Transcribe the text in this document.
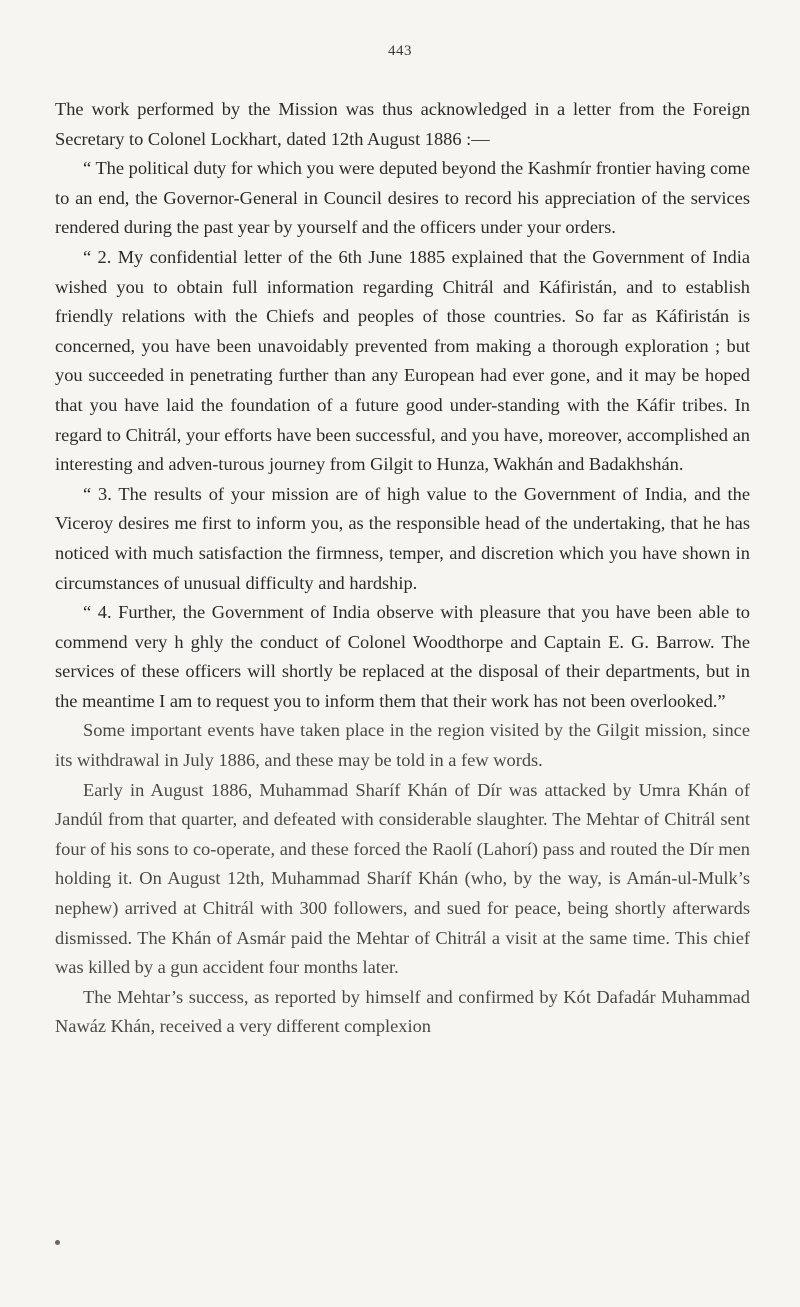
443

The work performed by the Mission was thus acknowledged in a letter from the Foreign Secretary to Colonel Lockhart, dated 12th August 1886 :—

“ The political duty for which you were deputed beyond the Kashmír frontier having come to an end, the Governor-General in Council desires to record his appreciation of the services rendered during the past year by yourself and the officers under your orders.

“ 2. My confidential letter of the 6th June 1885 explained that the Government of India wished you to obtain full information regarding Chitrál and Káfiristán, and to establish friendly relations with the Chiefs and peoples of those countries. So far as Káfiristán is concerned, you have been unavoidably prevented from making a thorough exploration ; but you succeeded in penetrating further than any European had ever gone, and it may be hoped that you have laid the foundation of a future good under-standing with the Káfir tribes. In regard to Chitrál, your efforts have been successful, and you have, moreover, accomplished an interesting and adven-turous journey from Gilgit to Hunza, Wakhán and Badakhshán.

“ 3. The results of your mission are of high value to the Government of India, and the Viceroy desires me first to inform you, as the responsible head of the undertaking, that he has noticed with much satisfaction the firmness, temper, and discretion which you have shown in circumstances of unusual difficulty and hardship.

“ 4. Further, the Government of India observe with pleasure that you have been able to commend very h ghly the conduct of Colonel Woodthorpe and Captain E. G. Barrow. The services of these officers will shortly be replaced at the disposal of their departments, but in the meantime I am to request you to inform them that their work has not been overlooked.”

Some important events have taken place in the region visited by the Gilgit mission, since its withdrawal in July 1886, and these may be told in a few words.

Early in August 1886, Muhammad Sharíf Khán of Dír was attacked by Umra Khán of Jandúl from that quarter, and defeated with considerable slaughter. The Mehtar of Chitrál sent four of his sons to co-operate, and these forced the Raolí (Lahorí) pass and routed the Dír men holding it. On August 12th, Muhammad Sharíf Khán (who, by the way, is Amán-ul-Mulk’s nephew) arrived at Chitrál with 300 followers, and sued for peace, being shortly afterwards dismissed. The Khán of Asmár paid the Mehtar of Chitrál a visit at the same time. This chief was killed by a gun accident four months later.

The Mehtar’s success, as reported by himself and confirmed by Kót Dafadár Muhammad Nawáz Khán, received a very different complexion
